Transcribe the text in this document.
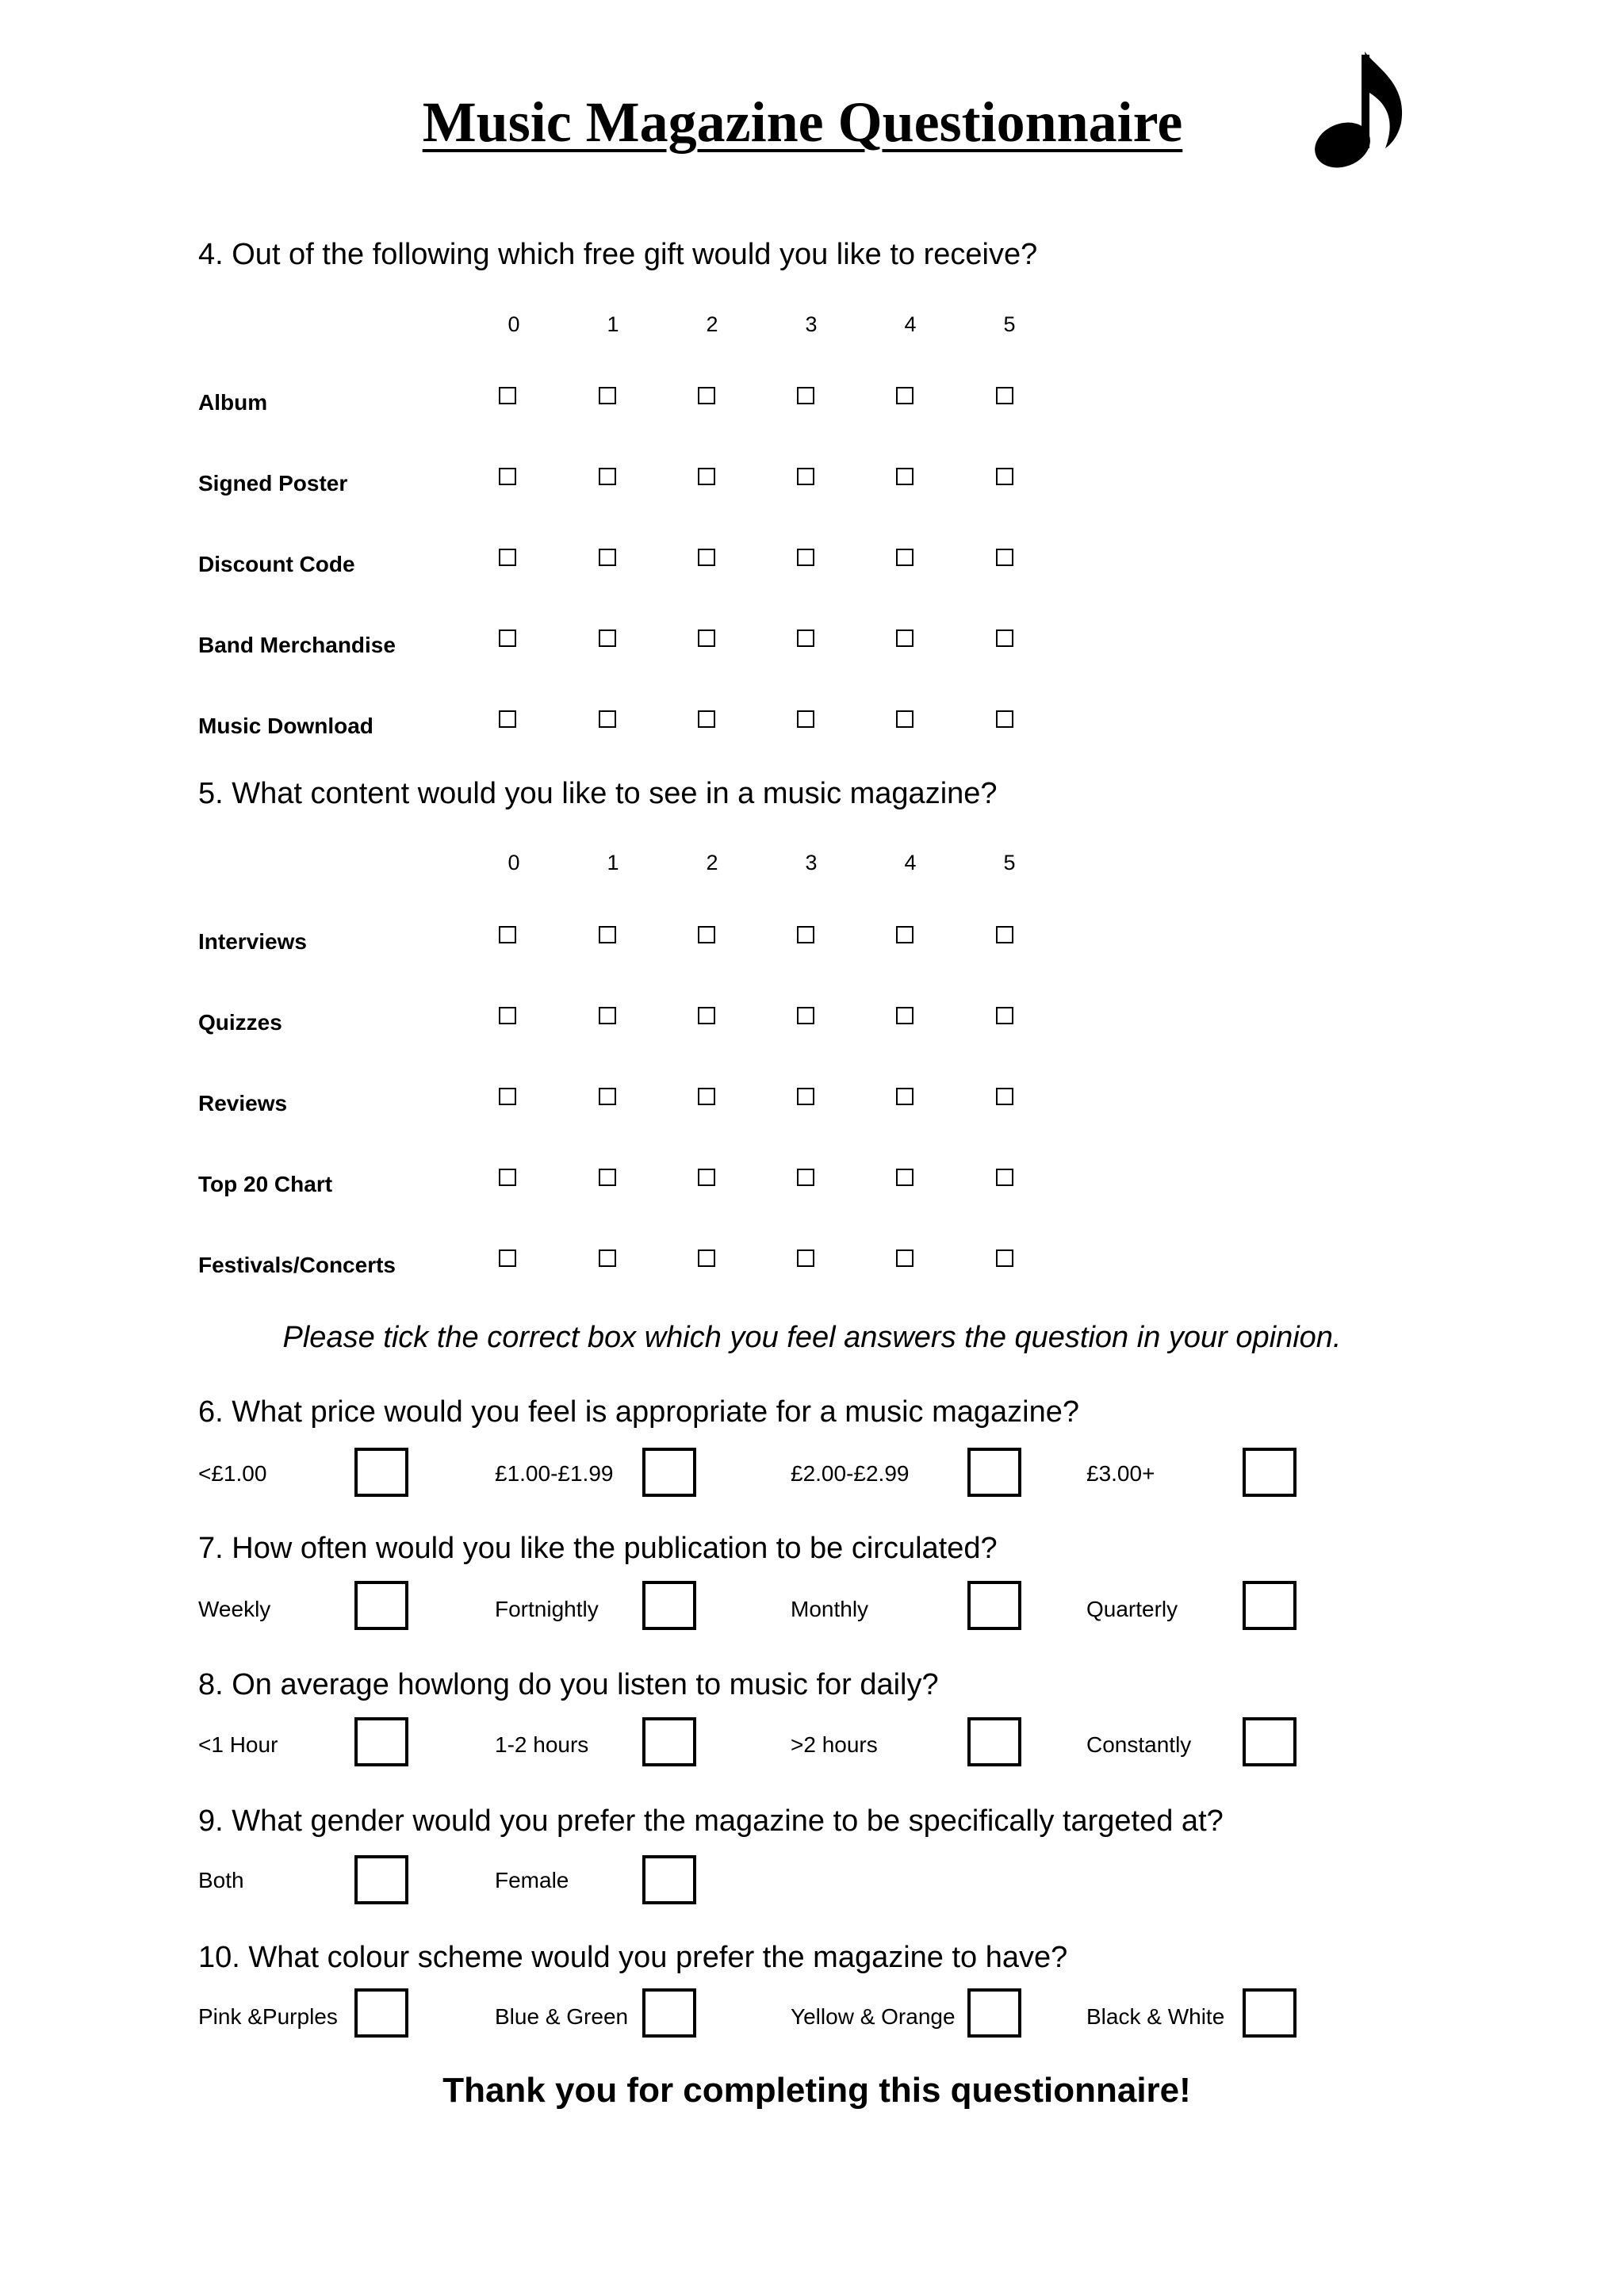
Music Magazine Questionnaire
4. Out of the following which free gift would you like to receive?
0	1	2	3	4	5
Album
Signed Poster
Discount Code
Band Merchandise
Music Download
5. What content would you like to see in a music magazine?
0	1	2	3	4	5
Interviews
Quizzes
Reviews
Top 20 Chart
Festivals/Concerts
Please tick the correct box which you feel answers the question in your opinion.
6. What price would you feel is appropriate for a music magazine?
<£1.00	£1.00-£1.99	£2.00-£2.99	£3.00+
7. How often would you like the publication to be circulated?
Weekly	Fortnightly	Monthly	Quarterly
8. On average howlong do you listen to music for daily?
<1 Hour	1-2 hours	>2 hours	Constantly
9. What gender would you prefer the magazine to be specifically targeted at?
Both	Female
10. What colour scheme would you prefer the magazine to have?
Pink &Purples	Blue & Green	Yellow & Orange	Black & White
Thank you for completing this questionnaire!
